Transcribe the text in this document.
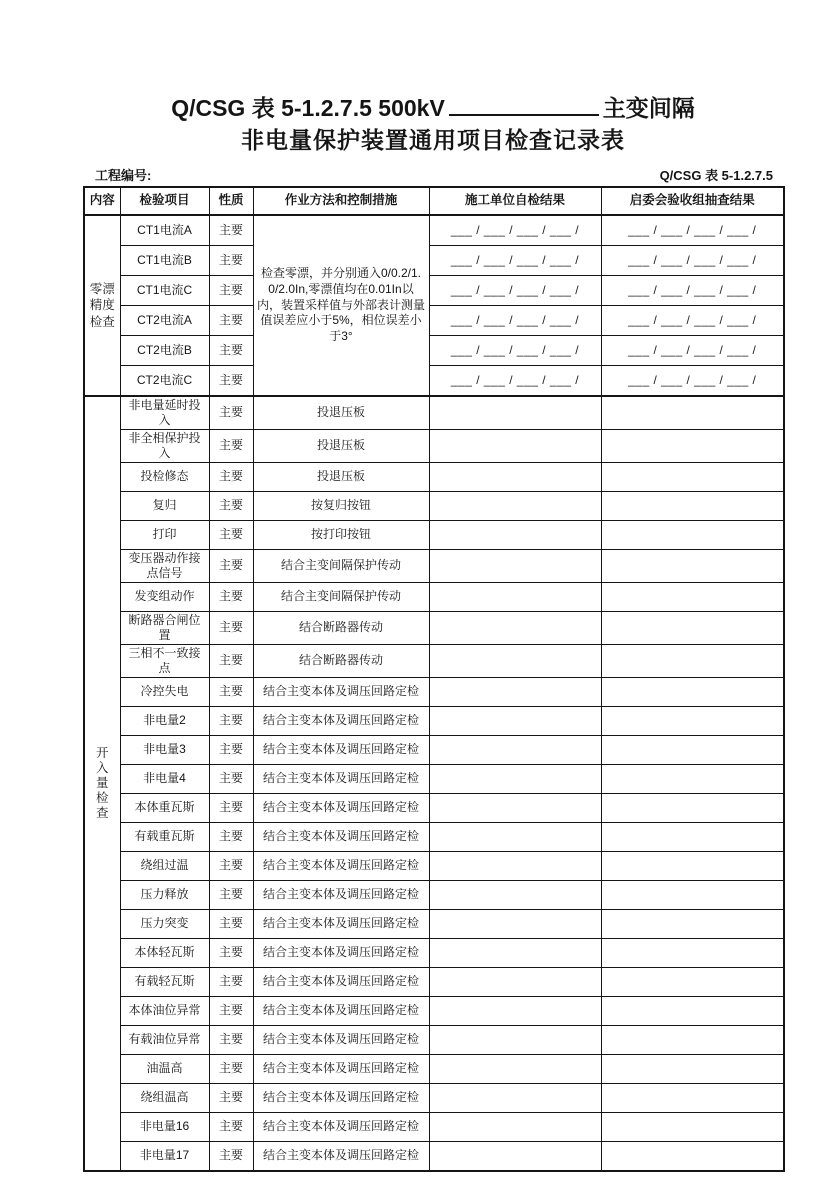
Q/CSG 表 5-1.2.7.5 500kV	主变间隔
非电量保护装置通用项目检查记录表
工程编号:	Q/CSG 表 5-1.2.7.5
内容	检验项目	性质	作业方法和控制措施	施工单位自检结果	启委会验收组抽查结果

零漂精度检查	CT1电流A	主要	检查零漂，并分别通入0/0.2/1.0/2.0In,零漂值均在0.01In以内，装置采样值与外部表计测量值误差应小于5%，相位误差小于3°	___ / ___ / ___ / ___ /	___ / ___ / ___ / ___ /
	CT1电流B	主要		___ / ___ / ___ / ___ /	___ / ___ / ___ / ___ /
	CT1电流C	主要		___ / ___ / ___ / ___ /	___ / ___ / ___ / ___ /
	CT2电流A	主要		___ / ___ / ___ / ___ /	___ / ___ / ___ / ___ /
	CT2电流B	主要		___ / ___ / ___ / ___ /	___ / ___ / ___ / ___ /
	CT2电流C	主要		___ / ___ / ___ / ___ /	___ / ___ / ___ / ___ /

开入量检查	非电量延时投入	主要	投退压板		
	非全相保护投入	主要	投退压板		
	投检修态	主要	投退压板		
	复归	主要	按复归按钮		
	打印	主要	按打印按钮		
	变压器动作接点信号	主要	结合主变间隔保护传动		
	发变组动作	主要	结合主变间隔保护传动		
	断路器合闸位置	主要	结合断路器传动		
	三相不一致接点	主要	结合断路器传动		
	冷控失电	主要	结合主变本体及调压回路定检		
	非电量2	主要	结合主变本体及调压回路定检		
	非电量3	主要	结合主变本体及调压回路定检		
	非电量4	主要	结合主变本体及调压回路定检		
	本体重瓦斯	主要	结合主变本体及调压回路定检		
	有载重瓦斯	主要	结合主变本体及调压回路定检		
	绕组过温	主要	结合主变本体及调压回路定检		
	压力释放	主要	结合主变本体及调压回路定检		
	压力突变	主要	结合主变本体及调压回路定检		
	本体轻瓦斯	主要	结合主变本体及调压回路定检		
	有载轻瓦斯	主要	结合主变本体及调压回路定检		
	本体油位异常	主要	结合主变本体及调压回路定检		
	有载油位异常	主要	结合主变本体及调压回路定检		
	油温高	主要	结合主变本体及调压回路定检		
	绕组温高	主要	结合主变本体及调压回路定检		
	非电量16	主要	结合主变本体及调压回路定检		
	非电量17	主要	结合主变本体及调压回路定检		
